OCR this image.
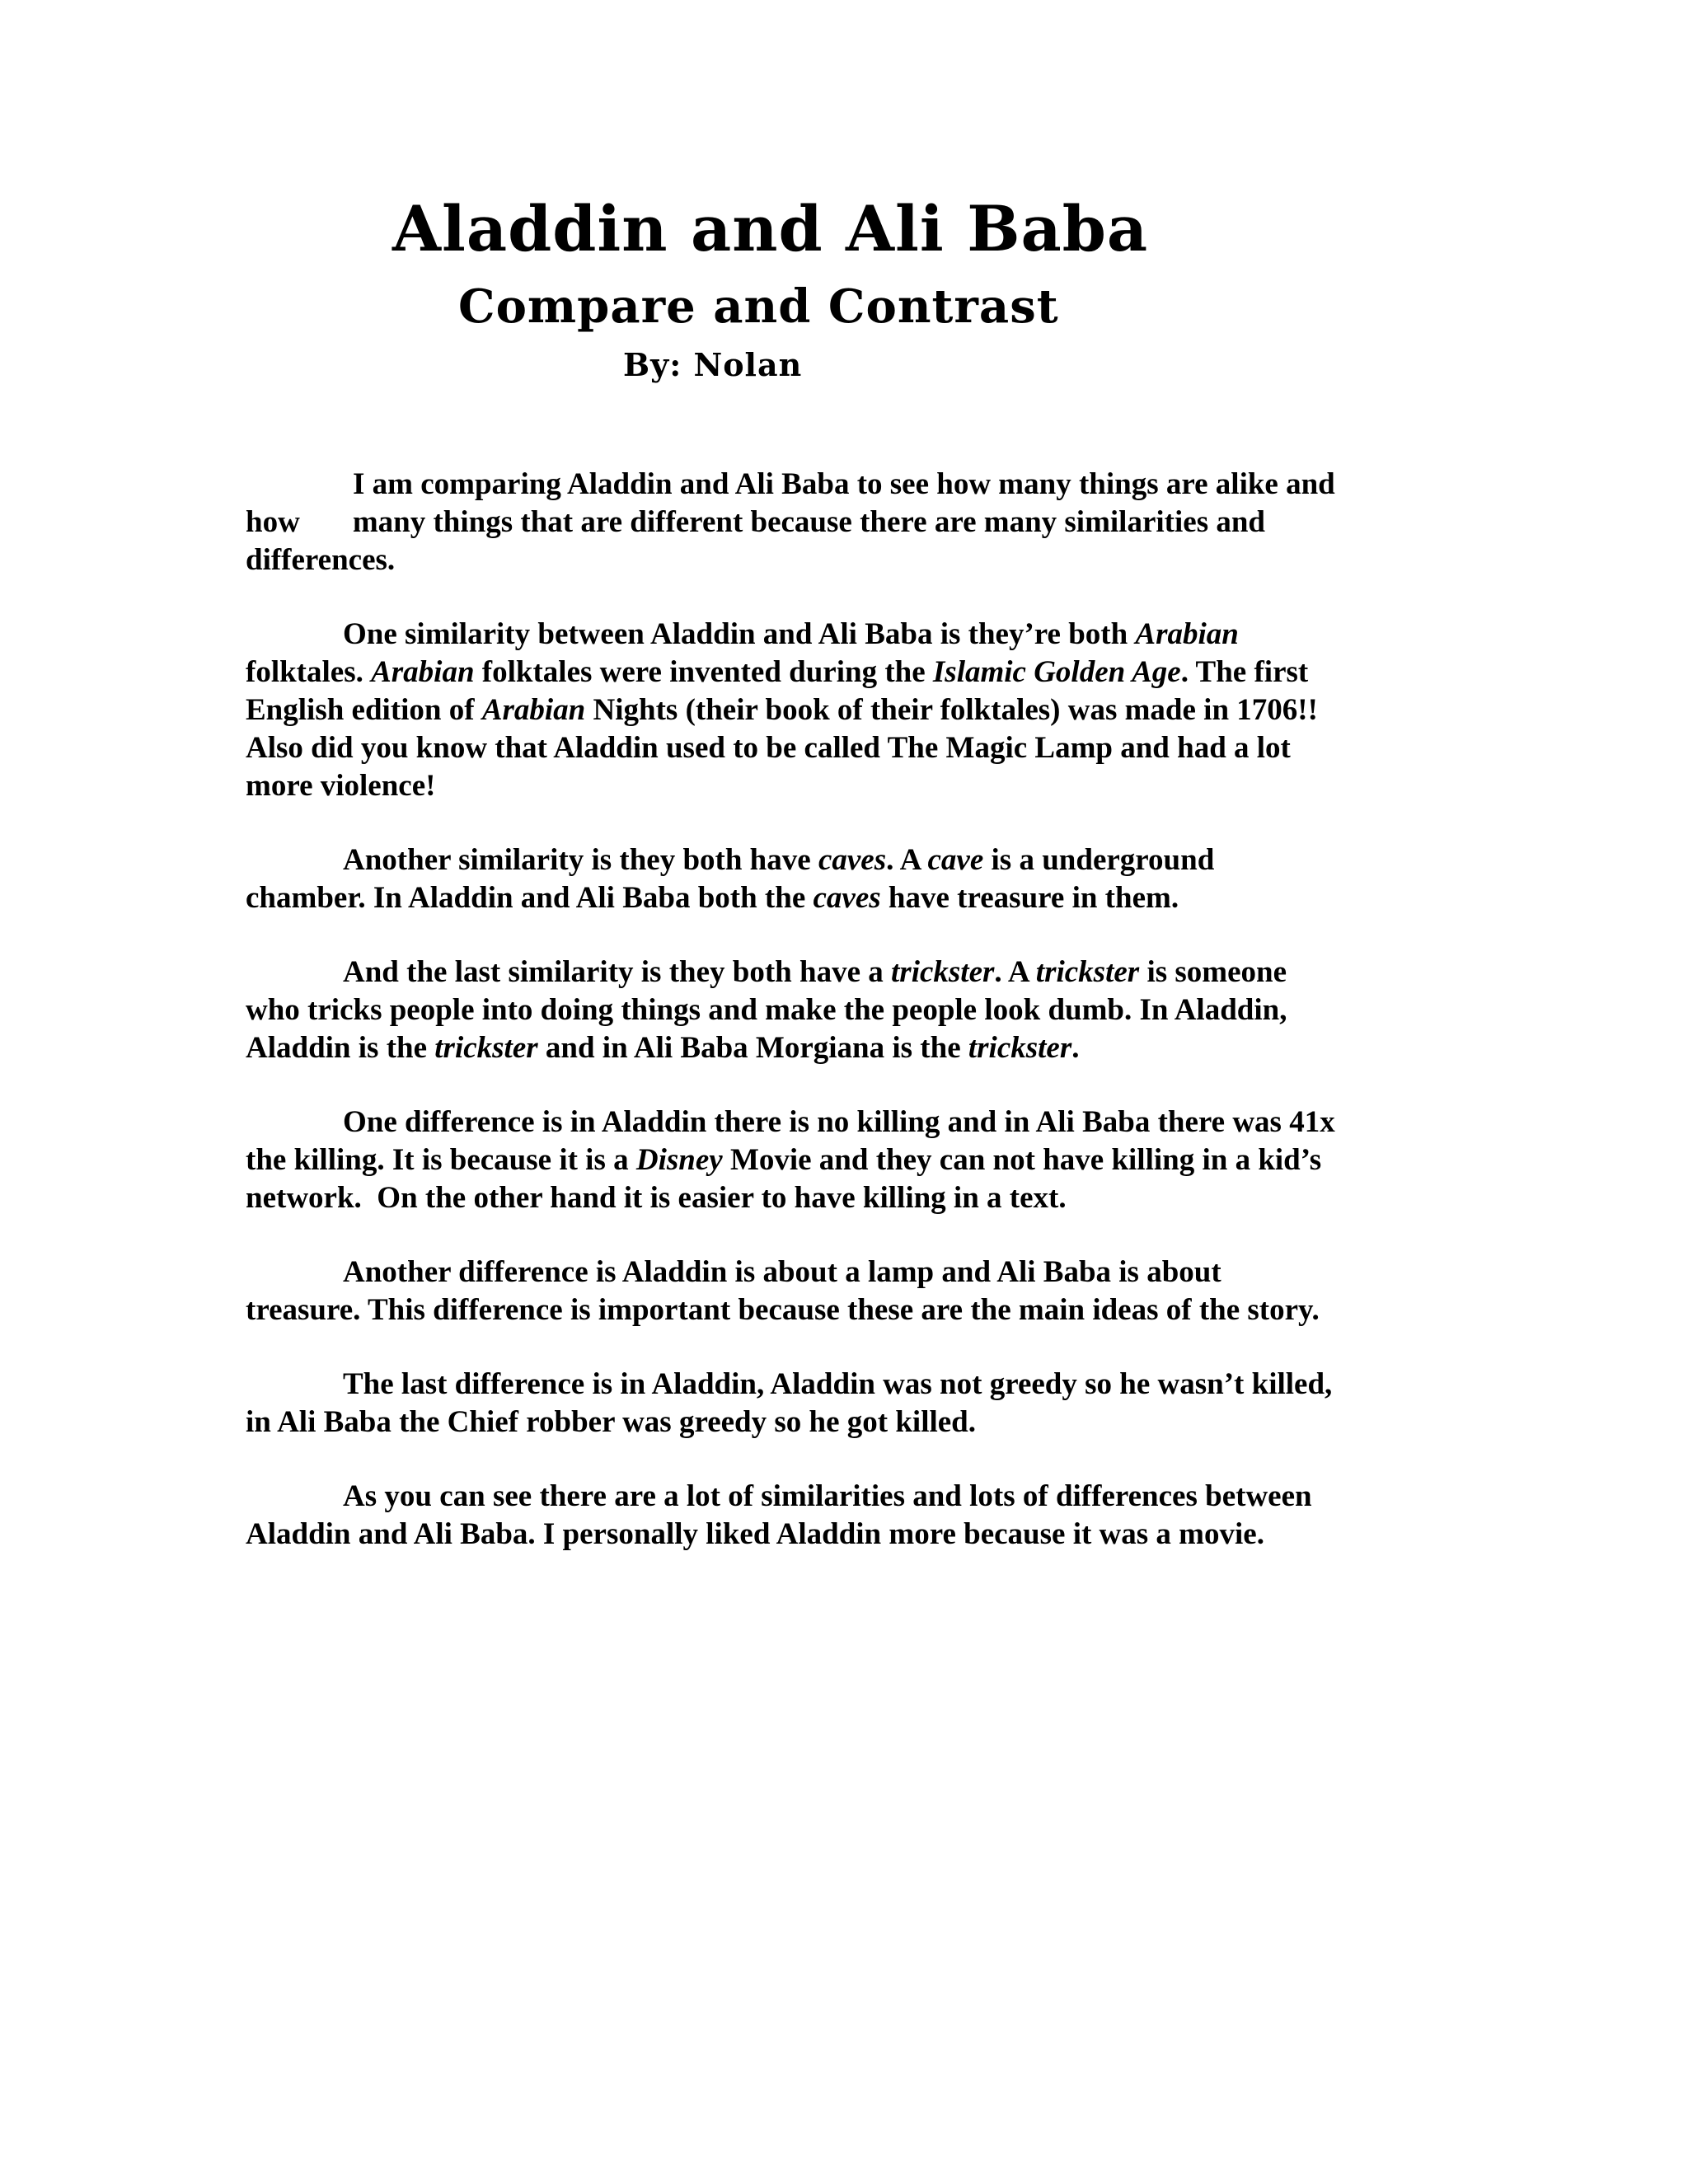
Aladdin and Ali Baba
Compare and Contrast
By: Nolan

I am comparing Aladdin and Ali Baba to see how many things are alike and
how many things that are different because there are many similarities and
differences.

One similarity between Aladdin and Ali Baba is they’re both Arabian
folktales. Arabian folktales were invented during the Islamic Golden Age. The first
English edition of Arabian Nights (their book of their folktales) was made in 1706!!
Also did you know that Aladdin used to be called The Magic Lamp and had a lot
more violence!

Another similarity is they both have caves. A cave is a underground
chamber. In Aladdin and Ali Baba both the caves have treasure in them.

And the last similarity is they both have a trickster. A trickster is someone
who tricks people into doing things and make the people look dumb. In Aladdin,
Aladdin is the trickster and in Ali Baba Morgiana is the trickster.

One difference is in Aladdin there is no killing and in Ali Baba there was 41x
the killing. It is because it is a Disney Movie and they can not have killing in a kid’s
network.  On the other hand it is easier to have killing in a text.

Another difference is Aladdin is about a lamp and Ali Baba is about
treasure. This difference is important because these are the main ideas of the story.

The last difference is in Aladdin, Aladdin was not greedy so he wasn’t killed,
in Ali Baba the Chief robber was greedy so he got killed.

As you can see there are a lot of similarities and lots of differences between
Aladdin and Ali Baba. I personally liked Aladdin more because it was a movie.
